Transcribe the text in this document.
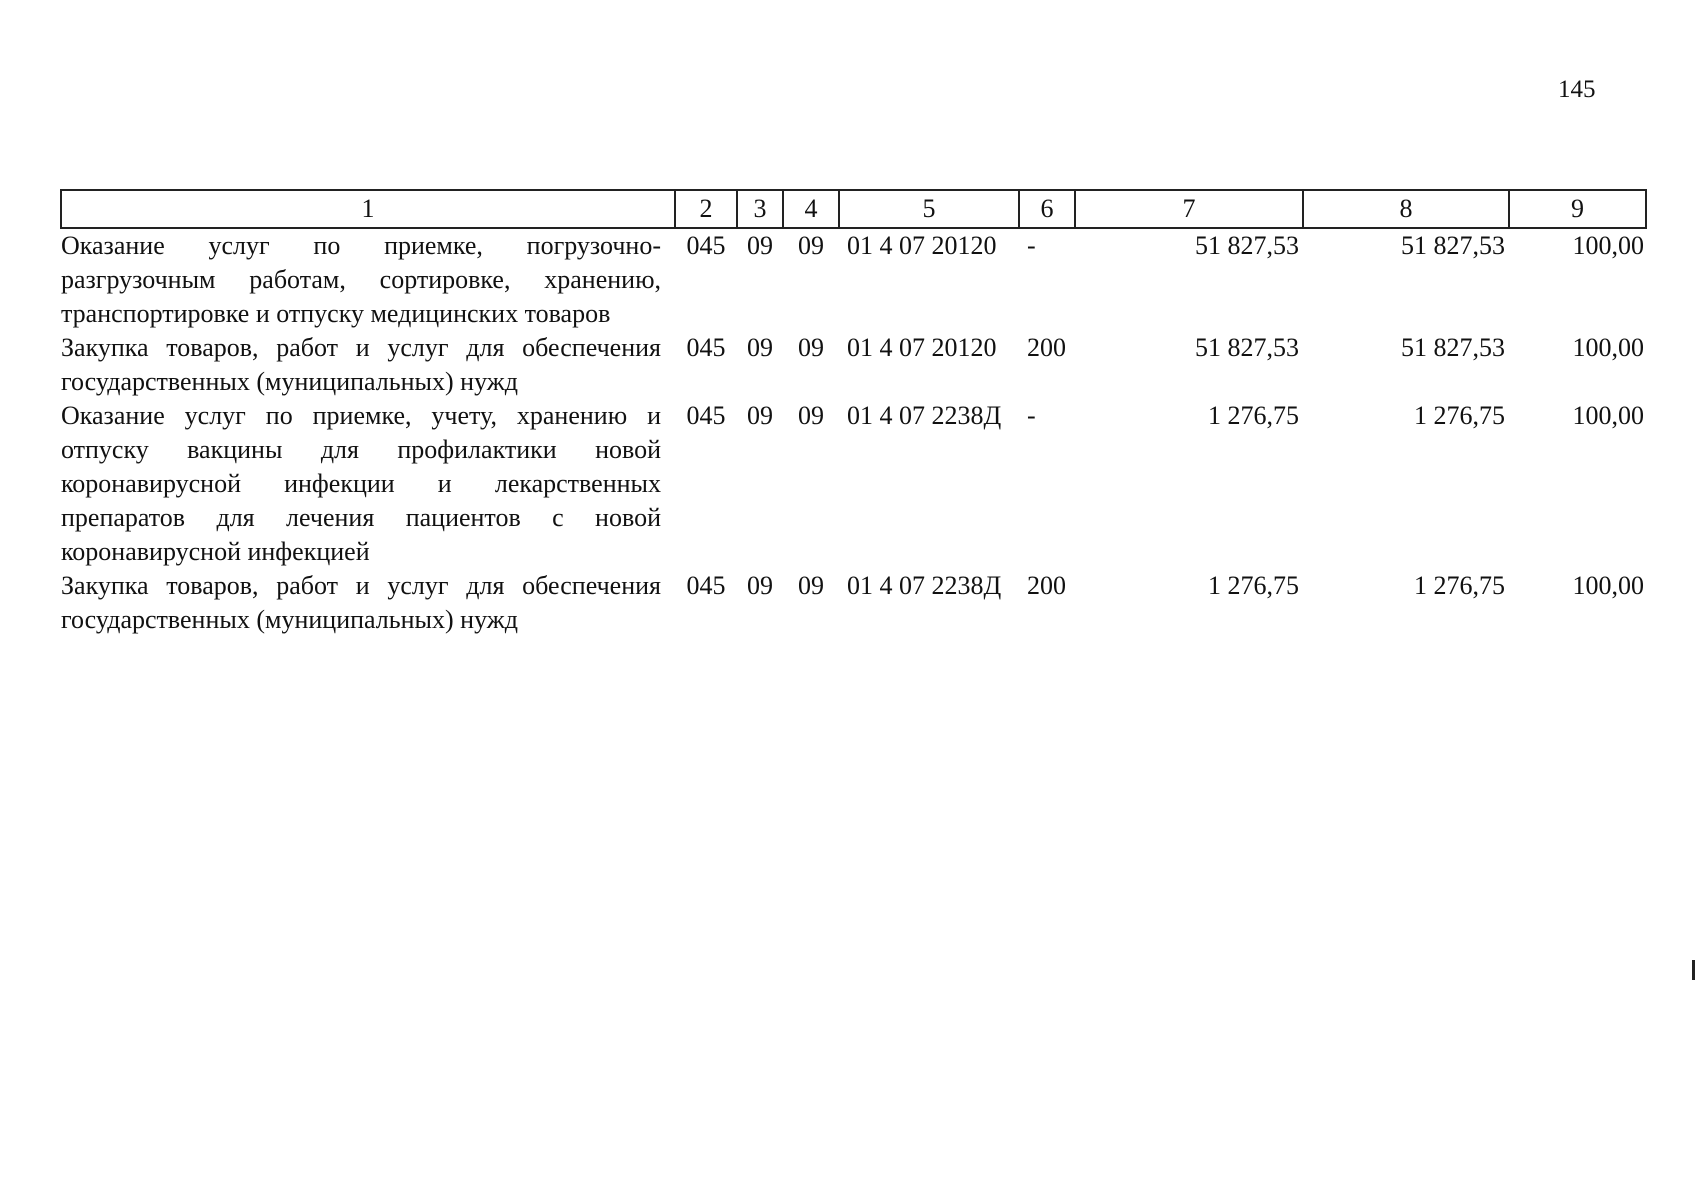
145
1	2	3	4	5	6	7	8	9
Оказание услуг по приемке, погрузочно-разгрузочным работам, сортировке, хранению, транспортировке и отпуску медицинских товаров	045	09	09	01 4 07 20120	-	51 827,53	51 827,53	100,00
Закупка товаров, работ и услуг для обеспечения государственных (муниципальных) нужд	045	09	09	01 4 07 20120	200	51 827,53	51 827,53	100,00
Оказание услуг по приемке, учету, хранению и отпуску вакцины для профилактики новой коронавирусной инфекции и лекарственных препаратов для лечения пациентов с новой коронавирусной инфекцией	045	09	09	01 4 07 2238Д	-	1 276,75	1 276,75	100,00
Закупка товаров, работ и услуг для обеспечения государственных (муниципальных) нужд	045	09	09	01 4 07 2238Д	200	1 276,75	1 276,75	100,00
